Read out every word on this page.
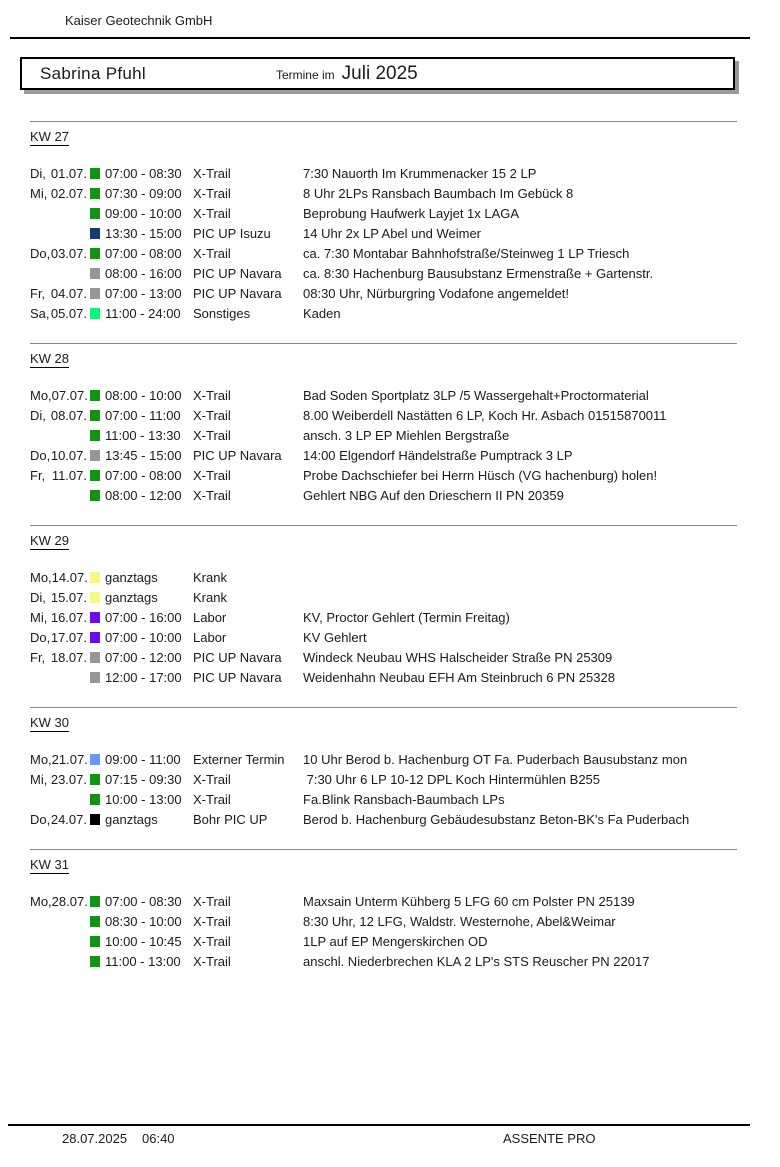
Kaiser Geotechnik GmbH
Sabrina Pfuhl	Termine im Juli 2025
KW 27
Di, 01.07. 07:00 - 08:30 X-Trail	7:30 Nauorth Im Krummenacker 15 2 LP
Mi, 02.07. 07:30 - 09:00 X-Trail	8 Uhr 2LPs Ransbach Baumbach Im Gebück 8
09:00 - 10:00 X-Trail	Beprobung Haufwerk Layjet 1x LAGA
13:30 - 15:00 PIC UP Isuzu	14 Uhr 2x LP Abel und Weimer
Do, 03.07. 07:00 - 08:00 X-Trail	ca. 7:30 Montabar Bahnhofstraße/Steinweg 1 LP Triesch
08:00 - 16:00 PIC UP Navara	ca. 8:30 Hachenburg Bausubstanz Ermenstraße + Gartenstr.
Fr, 04.07. 07:00 - 13:00 PIC UP Navara	08:30 Uhr, Nürburgring Vodafone angemeldet!
Sa, 05.07. 11:00 - 24:00 Sonstiges	Kaden
KW 28
Mo, 07.07. 08:00 - 10:00 X-Trail	Bad Soden Sportplatz 3LP /5 Wassergehalt+Proctormaterial
Di, 08.07. 07:00 - 11:00 X-Trail	8.00 Weiberdell Nastätten 6 LP, Koch Hr. Asbach 01515870011
11:00 - 13:30 X-Trail	ansch. 3 LP EP Miehlen Bergstraße
Do, 10.07. 13:45 - 15:00 PIC UP Navara	14:00 Elgendorf Händelstraße Pumptrack 3 LP
Fr, 11.07. 07:00 - 08:00 X-Trail	Probe Dachschiefer bei Herrn Hüsch (VG hachenburg) holen!
08:00 - 12:00 X-Trail	Gehlert NBG Auf den Drieschern II PN 20359
KW 29
Mo, 14.07. ganztags	Krank
Di, 15.07. ganztags	Krank
Mi, 16.07. 07:00 - 16:00 Labor	KV, Proctor Gehlert (Termin Freitag)
Do, 17.07. 07:00 - 10:00 Labor	KV Gehlert
Fr, 18.07. 07:00 - 12:00 PIC UP Navara	Windeck Neubau WHS Halscheider Straße PN 25309
12:00 - 17:00 PIC UP Navara	Weidenhahn Neubau EFH Am Steinbruch 6 PN 25328
KW 30
Mo, 21.07. 09:00 - 11:00 Externer Termin	10 Uhr Berod b. Hachenburg OT Fa. Puderbach Bausubstanz mon
Mi, 23.07. 07:15 - 09:30 X-Trail	7:30 Uhr 6 LP 10-12 DPL Koch Hintermühlen B255
10:00 - 13:00 X-Trail	Fa.Blink Ransbach-Baumbach LPs
Do, 24.07. ganztags	Bohr PIC UP	Berod b. Hachenburg Gebäudesubstanz Beton-BK's Fa Puderbach
KW 31
Mo, 28.07. 07:00 - 08:30 X-Trail	Maxsain Unterm Kühberg 5 LFG 60 cm Polster PN 25139
08:30 - 10:00 X-Trail	8:30 Uhr, 12 LFG, Waldstr. Westernohe, Abel&Weimar
10:00 - 10:45 X-Trail	1LP auf EP Mengerskirchen OD
11:00 - 13:00 X-Trail	anschl. Niederbrechen KLA 2 LP's STS Reuscher PN 22017
28.07.2025 06:40	ASSENTE PRO
